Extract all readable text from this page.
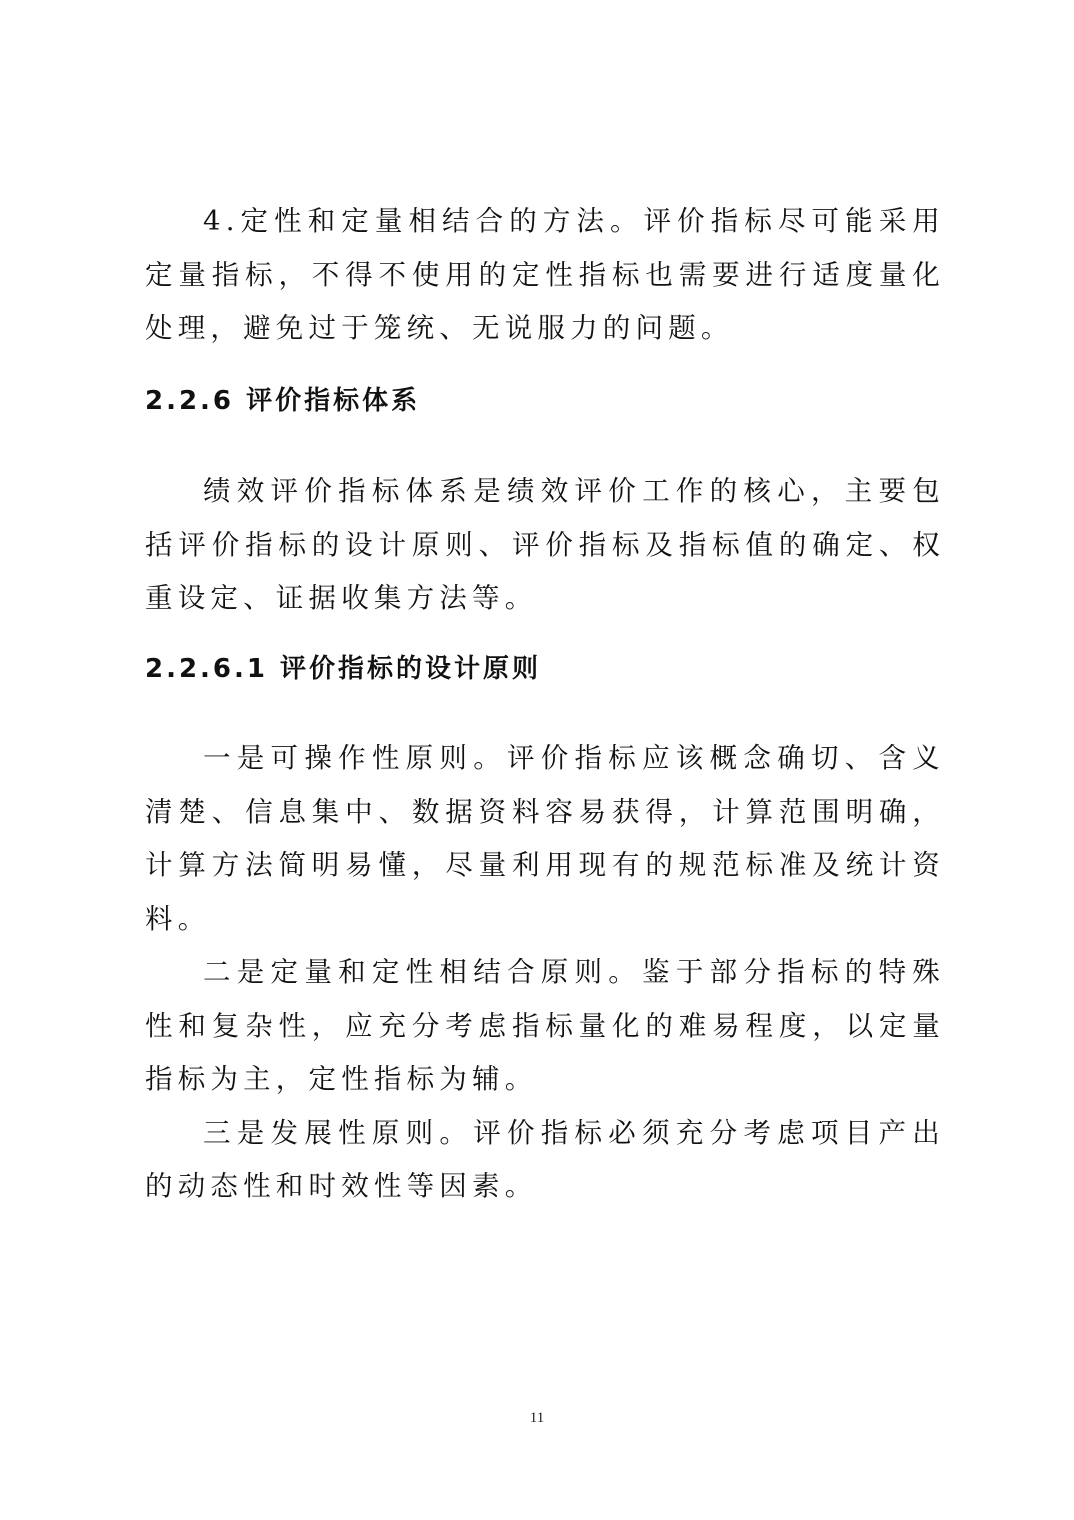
4.定性和定量相结合的方法。评价指标尽可能采用定量指标，不得不使用的定性指标也需要进行适度量化处理，避免过于笼统、无说服力的问题。

2.2.6 评价指标体系

绩效评价指标体系是绩效评价工作的核心，主要包括评价指标的设计原则、评价指标及指标值的确定、权重设定、证据收集方法等。

2.2.6.1 评价指标的设计原则

一是可操作性原则。评价指标应该概念确切、含义清楚、信息集中、数据资料容易获得，计算范围明确，计算方法简明易懂，尽量利用现有的规范标准及统计资料。

二是定量和定性相结合原则。鉴于部分指标的特殊性和复杂性，应充分考虑指标量化的难易程度，以定量指标为主，定性指标为辅。

三是发展性原则。评价指标必须充分考虑项目产出的动态性和时效性等因素。

11
